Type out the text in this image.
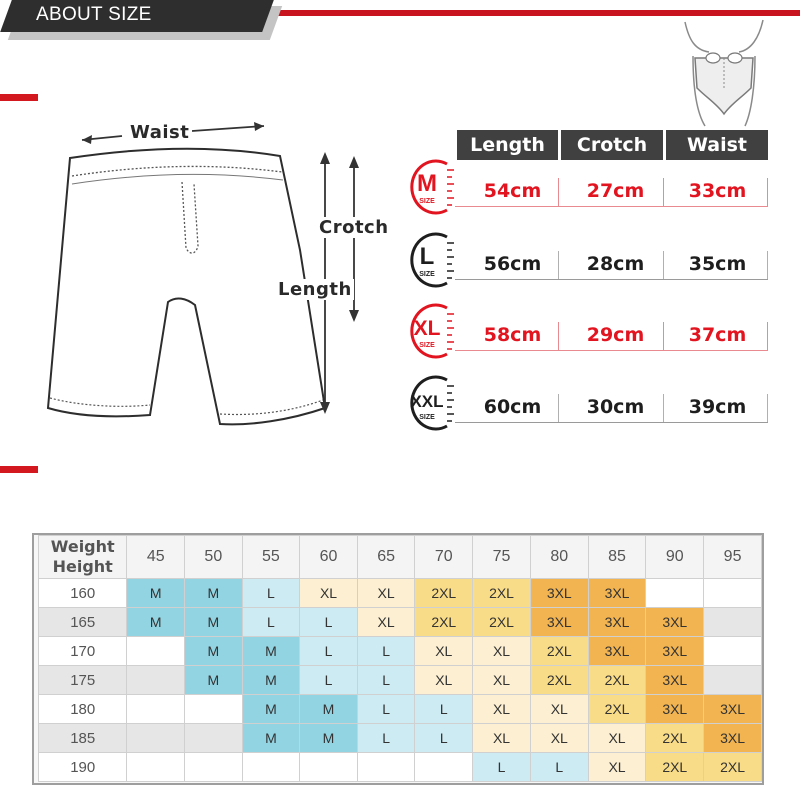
ABOUT SIZE
Waist
Crotch
Length
Length	Crotch	Waist
M
SIZE	54cm	27cm	33cm
L
SIZE	56cm	28cm	35cm
XL
SIZE	58cm	29cm	37cm
XXL
SIZE	60cm	30cm	39cm
Weight
Height	45	50	55	60	65	70	75	80	85	90	95
160	M	M	L	XL	XL	2XL	2XL	3XL	3XL		
165	M	M	L	L	XL	2XL	2XL	3XL	3XL	3XL	
170		M	M	L	L	XL	XL	2XL	3XL	3XL	
175		M	M	L	L	XL	XL	2XL	2XL	3XL	
180			M	M	L	L	XL	XL	2XL	3XL	3XL
185			M	M	L	L	XL	XL	XL	2XL	3XL
190							L	L	XL	2XL	2XL
